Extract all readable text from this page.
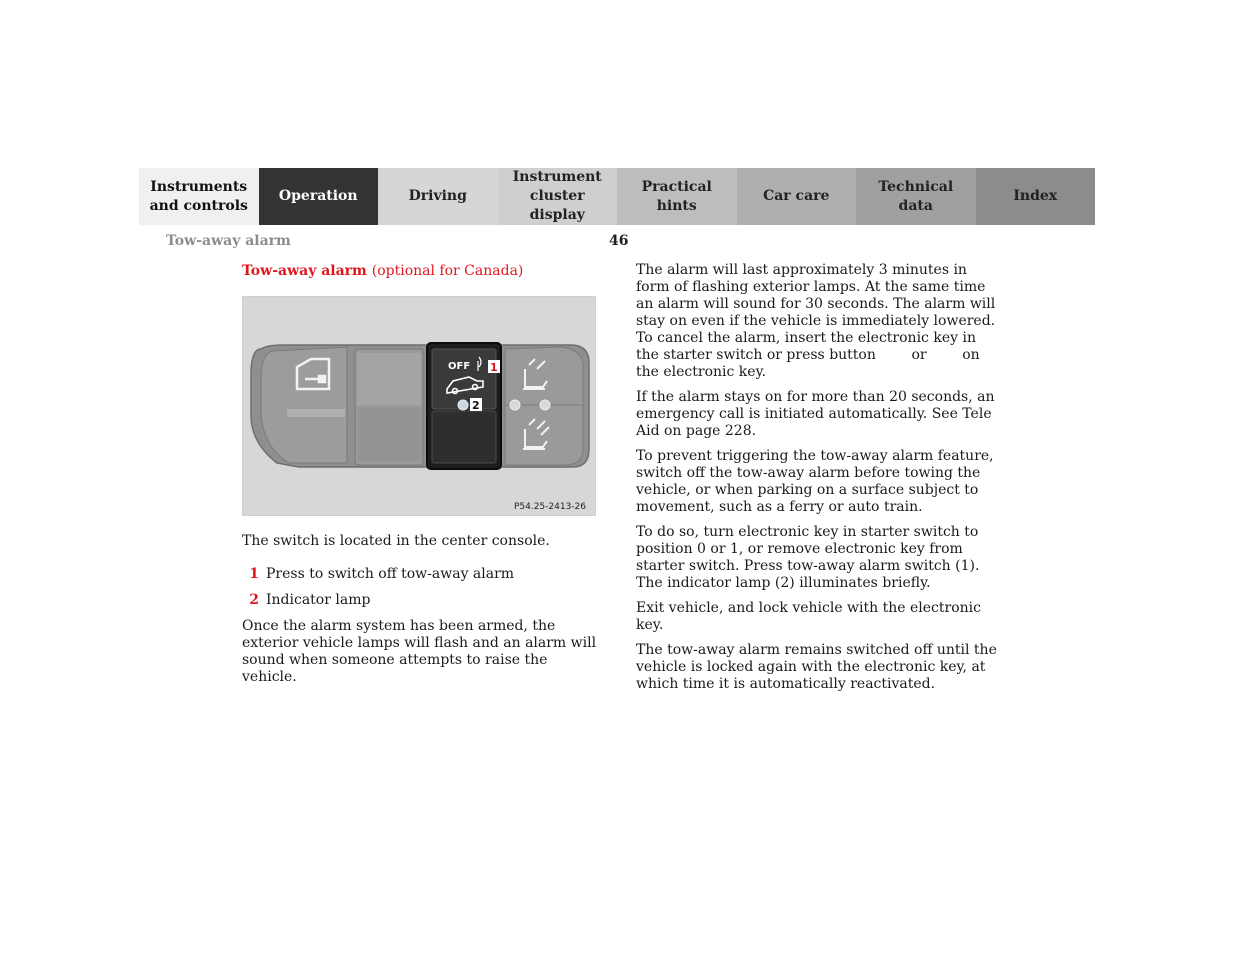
Instruments
and controls
Operation	Driving
Instrument
cluster display
Practical hints
Car care
Technical
data
Index
Tow-away alarm	46
Tow-away alarm (optional for Canada)
OFF 1
2
P54.25-2413-26

The switch is located in the center console.

1 Press to switch off tow-away alarm
2 Indicator lamp

Once the alarm system has been armed, the exterior vehicle lamps will flash and an alarm will sound when someone attempts to raise the vehicle.

The alarm will last approximately 3 minutes in form of flashing exterior lamps. At the same time an alarm will sound for 30 seconds. The alarm will stay on even if the vehicle is immediately lowered. To cancel the alarm, insert the electronic key in the starter switch or press button        or        on the electronic key.

If the alarm stays on for more than 20 seconds, an emergency call is initiated automatically. See Tele Aid on page 228.

To prevent triggering the tow-away alarm feature, switch off the tow-away alarm before towing the vehicle, or when parking on a surface subject to movement, such as a ferry or auto train.

To do so, turn electronic key in starter switch to position 0 or 1, or remove electronic key from starter switch. Press tow-away alarm switch (1). The indicator lamp (2) illuminates briefly.

Exit vehicle, and lock vehicle with the electronic key.

The tow-away alarm remains switched off until the vehicle is locked again with the electronic key, at which time it is automatically reactivated.
